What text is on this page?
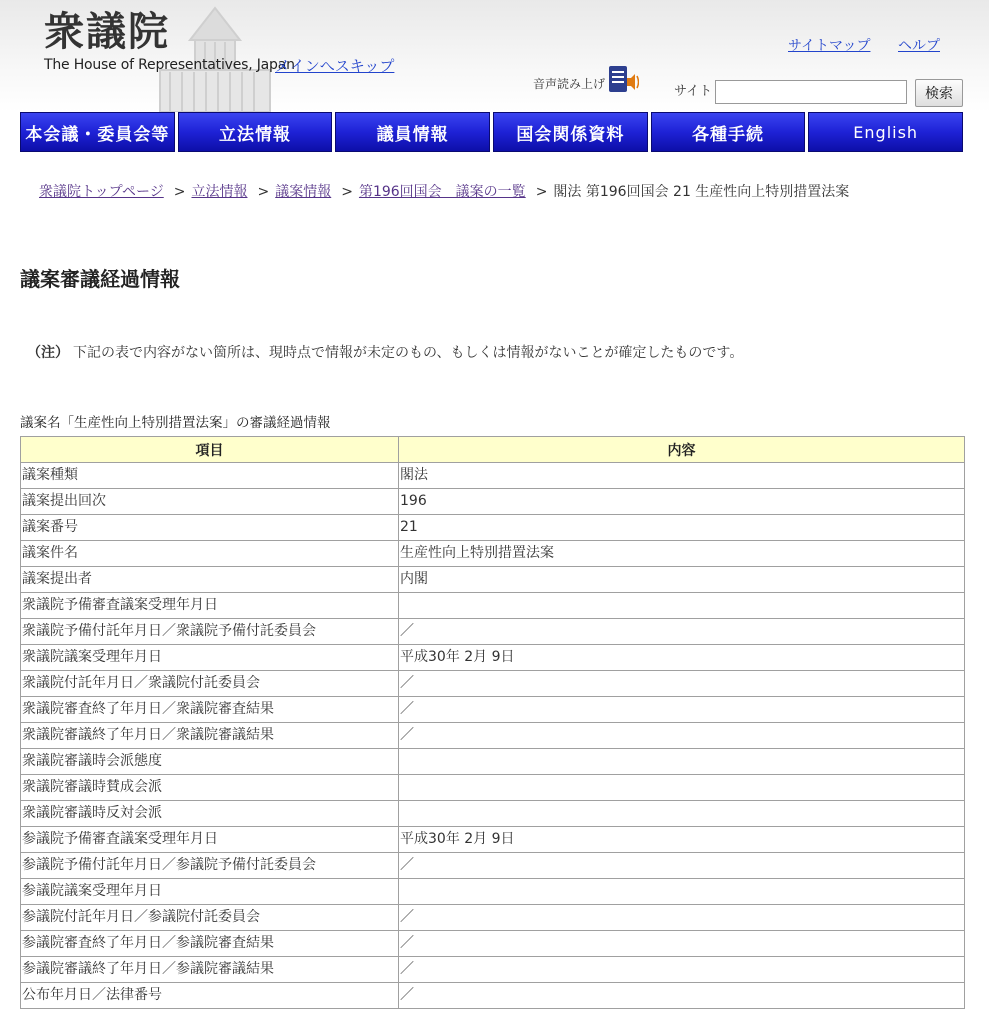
衆議院
The House of Representatives, Japan
メインへスキップ
サイトマップ ヘルプ
音声読み上げ	サイト	検索
本会議・委員会等	立法情報	議員情報	国会関係資料	各種手続	English
衆議院トップページ > 立法情報 > 議案情報 > 第196回国会　議案の一覧 > 閣法 第196回国会 21 生産性向上特別措置法案
議案審議経過情報
（注） 下記の表で内容がない箇所は、現時点で情報が未定のもの、もしくは情報がないことが確定したものです。
議案名「生産性向上特別措置法案」の審議経過情報
項目	内容
議案種類	閣法
議案提出回次	196
議案番号	21
議案件名	生産性向上特別措置法案
議案提出者	内閣
衆議院予備審査議案受理年月日	
衆議院予備付託年月日／衆議院予備付託委員会	／
衆議院議案受理年月日	平成30年 2月 9日
衆議院付託年月日／衆議院付託委員会	／
衆議院審査終了年月日／衆議院審査結果	／
衆議院審議終了年月日／衆議院審議結果	／
衆議院審議時会派態度	
衆議院審議時賛成会派	
衆議院審議時反対会派	
参議院予備審査議案受理年月日	平成30年 2月 9日
参議院予備付託年月日／参議院予備付託委員会	／
参議院議案受理年月日	
参議院付託年月日／参議院付託委員会	／
参議院審査終了年月日／参議院審査結果	／
参議院審議終了年月日／参議院審議結果	／
公布年月日／法律番号	／
